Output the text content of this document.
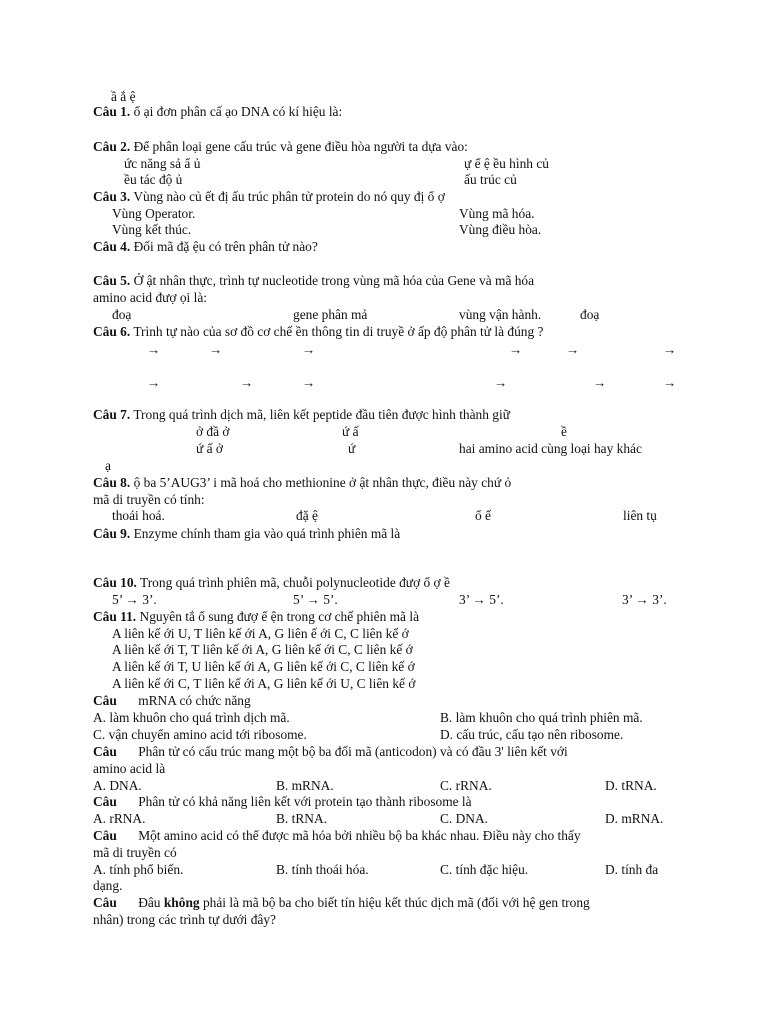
ầ ắ ệ
Câu 1. ổ ại đơn phân cấ ạo DNA có kí hiệu là:
Câu 2. Để phân loại gene cấu trúc và gene điều hòa người ta dựa vào:
ức năng sả ẩ ủ	ự ể ệ ều hình củ
ều tác độ ủ	ấu trúc củ
Câu 3. Vùng nào củ ết đị ấu trúc phân tử protein do nó quy đị ổ ợ
Vùng Operator.	Vùng mã hóa.
Vùng kết thúc.	Vùng điều hòa.
Câu 4. Đối mã đặ ệu có trên phân tử nào?
Câu 5. Ở ật nhân thực, trình tự nucleotide trong vùng mã hóa của Gene và mã hóa
amino acid đượ ọi là:
đoạ	gene phân mả	vùng vận hành.	đoạ
Câu 6. Trình tự nào của sơ đồ cơ chế ền thông tin di truyề ở ấp độ phân tử là đúng ?
→	→	→	→	→	→
→	→	→	→	→	→
Câu 7. Trong quá trình dịch mã, liên kết peptide đầu tiên được hình thành giữ
ở đầ ở	ứ ấ	ề
ứ ấ ở	ứ	hai amino acid cùng loại hay khác
ạ
Câu 8. ộ ba 5’AUG3’ i mã hoá cho methionine ở ật nhân thực, điều này chứ ỏ
mã di truyền có tính:
thoái hoá.	đặ ệ	ổ ế	liên tụ
Câu 9. Enzyme chính tham gia vào quá trình phiên mã là
Câu 10. Trong quá trình phiên mã, chuỗi polynucleotide đượ ổ ợ ề
5’ → 3’.	5’ → 5’.	3’ → 5’.	3’ → 3’.
Câu 11. Nguyên tắ ổ sung đượ ể ện trong cơ chế phiên mã là
A liên kế ới U, T liên kế ới A, G liên ế ới C, C liên kế ớ
A liên kế ới T, T liên kế ới A, G liên kế ới C, C liên kế ớ
A liên kế ới T, U liên kế ới A, G liên kế ới C, C liên kế ớ
A liên kế ới C, T liên kế ới A, G liên kế ới U, C liên kế ớ
Câu mRNA có chức năng
A. làm khuôn cho quá trình dịch mã.	B. làm khuôn cho quá trình phiên mã.
C. vận chuyển amino acid tới ribosome.	D. cấu trúc, cấu tạo nên ribosome.
Câu Phân tử có cấu trúc mang một bộ ba đối mã (anticodon) và có đầu 3' liên kết với
amino acid là
A. DNA.	B. mRNA.	C. rRNA.	D. tRNA.
Câu Phân tử có khả năng liên kết với protein tạo thành ribosome là
A. rRNA.	B. tRNA.	C. DNA.	D. mRNA.
Câu Một amino acid có thể được mã hóa bởi nhiều bộ ba khác nhau. Điều này cho thấy
mã di truyền có
A. tính phổ biến.	B. tính thoái hóa.	C. tính đặc hiệu.	D. tính đa
dạng.
Câu Đâu không phải là mã bộ ba cho biết tín hiệu kết thúc dịch mã (đối với hệ gen trong
nhân) trong các trình tự dưới đây?
